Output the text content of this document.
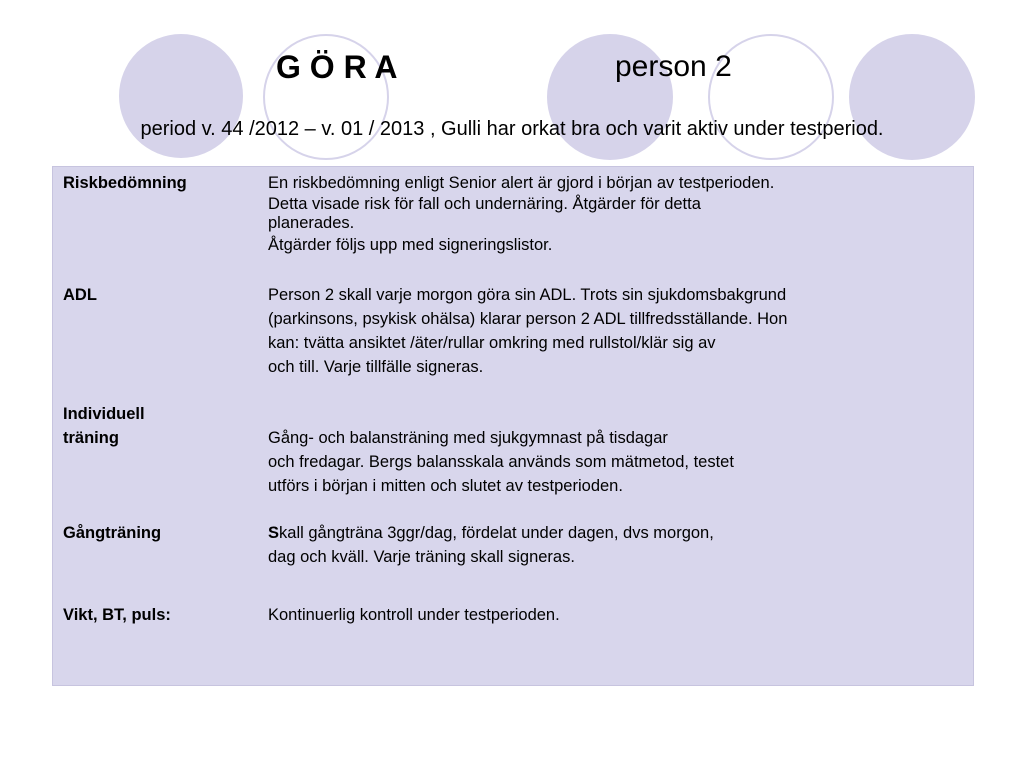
G Ö R A	person 2
period v. 44 /2012 – v. 01 / 2013 , Gulli har orkat bra och varit aktiv under testperiod.
Riskbedömning	En riskbedömning enligt Senior alert är gjord i början av testperioden.
Detta visade risk för fall och undernäring. Åtgärder för detta
planerades.
Åtgärder följs upp med signeringslistor.
ADL	Person 2 skall varje morgon göra sin ADL. Trots sin sjukdomsbakgrund
(parkinsons, psykisk ohälsa) klarar person 2 ADL tillfredsställande. Hon
kan: tvätta ansiktet /äter/rullar omkring med rullstol/klär sig av
och till. Varje tillfälle signeras.
Individuell
träning	Gång- och balansträning med sjukgymnast på tisdagar
och fredagar. Bergs balansskala används som mätmetod, testet
utförs i början i mitten och slutet av testperioden.
Gångträning	Skall gångträna 3ggr/dag, fördelat under dagen, dvs morgon,
dag och kväll. Varje träning skall signeras.
Vikt, BT, puls:	Kontinuerlig kontroll under testperioden.
